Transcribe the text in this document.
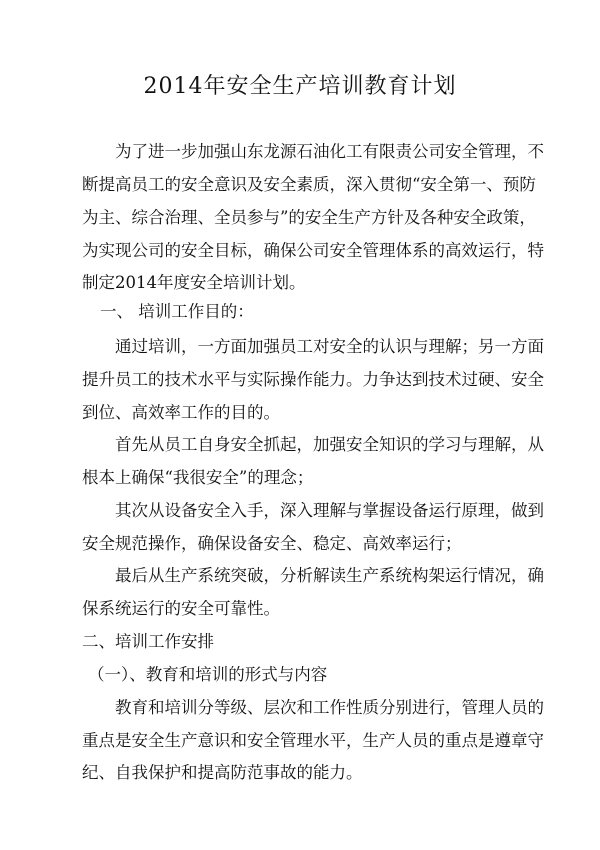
2014年安全生产培训教育计划

为了进一步加强山东龙源石油化工有限责公司安全管理，不

断提高员工的安全意识及安全素质，深入贯彻“安全第一、预防

为主、综合治理、全员参与”的安全生产方针及各种安全政策，

为实现公司的安全目标，确保公司安全管理体系的高效运行，特

制定2014年度安全培训计划。

一、 培训工作目的：

通过培训，一方面加强员工对安全的认识与理解；另一方面

提升员工的技术水平与实际操作能力。力争达到技术过硬、安全

到位、高效率工作的目的。

首先从员工自身安全抓起，加强安全知识的学习与理解，从

根本上确保“我很安全”的理念；

其次从设备安全入手，深入理解与掌握设备运行原理，做到

安全规范操作，确保设备安全、稳定、高效率运行；

最后从生产系统突破，分析解读生产系统构架运行情况，确

保系统运行的安全可靠性。

二、培训工作安排

（一）、教育和培训的形式与内容

教育和培训分等级、层次和工作性质分别进行，管理人员的

重点是安全生产意识和安全管理水平，生产人员的重点是遵章守

纪、自我保护和提高防范事故的能力。
